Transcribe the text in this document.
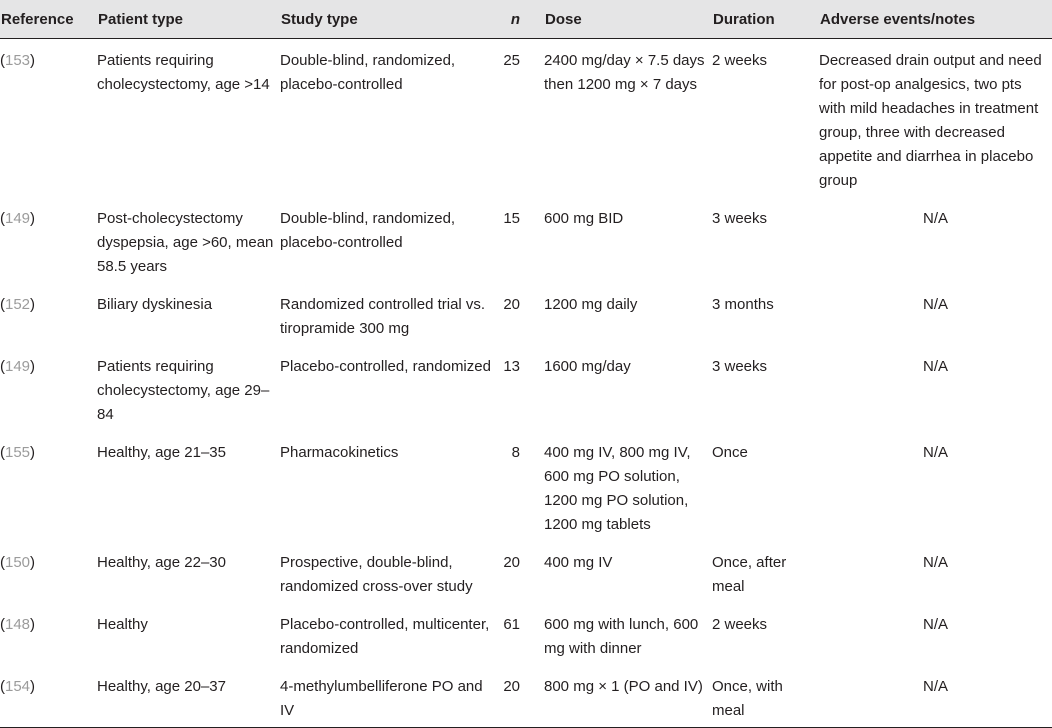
Reference	Patient type	Study type	n		Dose	Duration	Adverse events/notes

(153)	Patients requiring cholecystectomy, age >14	Double-blind, randomized, placebo-controlled	25		2400 mg/day × 7.5 days then 1200 mg × 7 days	2 weeks	Decreased drain output and need for post-op analgesics, two pts with mild headaches in treatment group, three with decreased appetite and diarrhea in placebo group
(149)	Post-cholecystectomy dyspepsia, age >60, mean 58.5 years	Double-blind, randomized, placebo-controlled	15		600 mg BID	3 weeks	N/A
(152)	Biliary dyskinesia	Randomized controlled trial vs. tiropramide 300 mg	20		1200 mg daily	3 months	N/A
(149)	Patients requiring cholecystectomy, age 29–84	Placebo-controlled, randomized	13		1600 mg/day	3 weeks	N/A
(155)	Healthy, age 21–35	Pharmacokinetics	8		400 mg IV, 800 mg IV, 600 mg PO solution, 1200 mg PO solution, 1200 mg tablets	Once	N/A
(150)	Healthy, age 22–30	Prospective, double-blind, randomized cross-over study	20		400 mg IV	Once, after meal	N/A
(148)	Healthy	Placebo-controlled, multicenter, randomized	61		600 mg with lunch, 600 mg with dinner	2 weeks	N/A
(154)	Healthy, age 20–37	4-methylumbelliferone PO and IV	20		800 mg × 1 (PO and IV)	Once, with meal	N/A
